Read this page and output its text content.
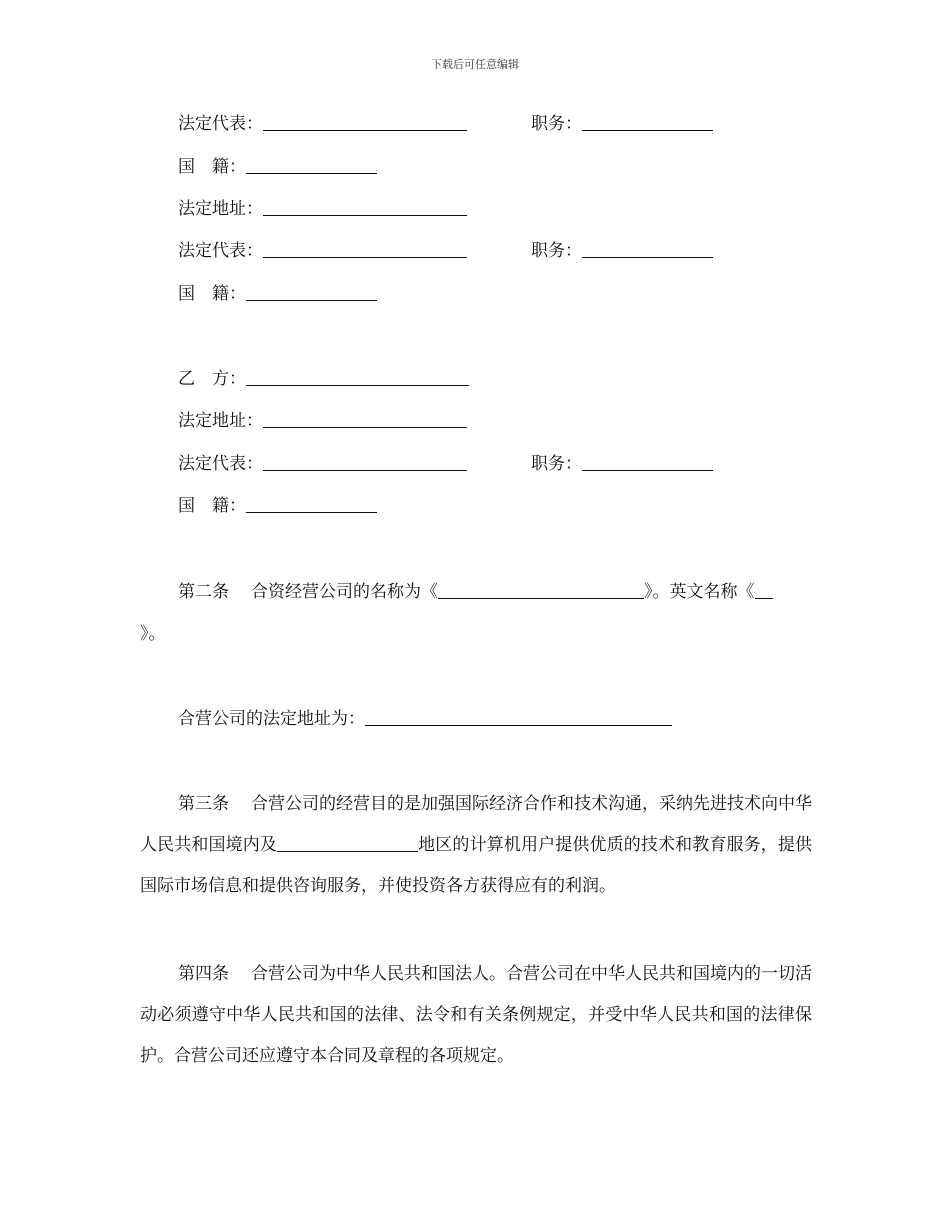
下载后可任意编辑
法定代表：	职务：
国　籍：
法定地址：
法定代表：	职务：
国　籍：
乙　方：
法定地址：
法定代表：	职务：
国　籍：
第二条 合资经营公司的名称为《	》。英文名称《
》。
合营公司的法定地址为：
第三条 合营公司的经营目的是加强国际经济合作和技术沟通，采纳先进技术向中华人民共和国境内及	地区的计算机用户提供优质的技术和教育服务，提供国际市场信息和提供咨询服务，并使投资各方获得应有的利润。
第四条 合营公司为中华人民共和国法人。合营公司在中华人民共和国境内的一切活动必须遵守中华人民共和国的法律、法令和有关条例规定，并受中华人民共和国的法律保护。合营公司还应遵守本合同及章程的各项规定。
